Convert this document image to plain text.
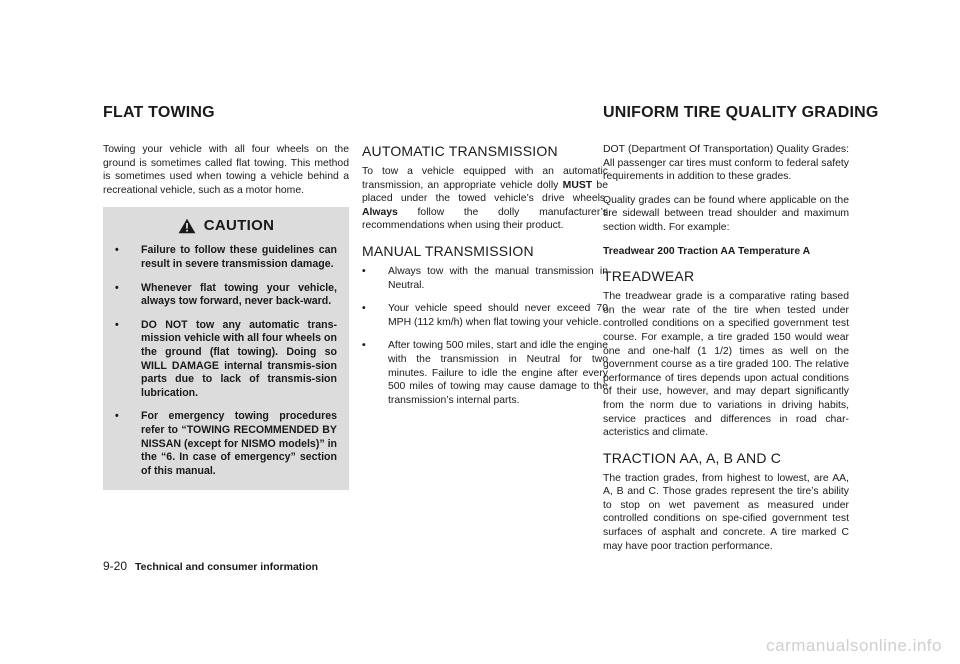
FLAT TOWING	UNIFORM TIRE QUALITY GRADING

Towing your vehicle with all four wheels on the ground is sometimes called flat towing. This method is sometimes used when towing a vehicle behind a recreational vehicle, such as a motor home.

CAUTION
• Failure to follow these guidelines can result in severe transmission damage.
• Whenever flat towing your vehicle, always tow forward, never back-ward.
• DO NOT tow any automatic trans-mission vehicle with all four wheels on the ground (flat towing). Doing so WILL DAMAGE internal transmis-sion parts due to lack of transmis-sion lubrication.
• For emergency towing procedures refer to “TOWING RECOMMENDED BY NISSAN (except for NISMO models)” in the “6. In case of emergency” section of this manual.
AUTOMATIC TRANSMISSION

To tow a vehicle equipped with an automatic transmission, an appropriate vehicle dolly MUST be placed under the towed vehicle’s drive wheels. Always follow the dolly manufacturer’s recommendations when using their product.

MANUAL TRANSMISSION
• Always tow with the manual transmission in Neutral.
• Your vehicle speed should never exceed 70 MPH (112 km/h) when flat towing your vehicle.
• After towing 500 miles, start and idle the engine with the transmission in Neutral for two minutes. Failure to idle the engine after every 500 miles of towing may cause damage to the transmission’s internal parts.

DOT (Department Of Transportation) Quality Grades: All passenger car tires must conform to federal safety requirements in addition to these grades.

Quality grades can be found where applicable on the tire sidewall between tread shoulder and maximum section width. For example:

Treadwear 200 Traction AA Temperature A

TREADWEAR

The treadwear grade is a comparative rating based on the wear rate of the tire when tested under controlled conditions on a specified government test course. For example, a tire graded 150 would wear one and one-half (1 1/2) times as well on the government course as a tire graded 100. The relative performance of tires depends upon actual conditions of their use, however, and may depart significantly from the norm due to variations in driving habits, service practices and differences in road char-acteristics and climate.

TRACTION AA, A, B AND C

The traction grades, from highest to lowest, are AA, A, B and C. Those grades represent the tire’s ability to stop on wet pavement as measured under controlled conditions on spe-cified government test surfaces of asphalt and concrete. A tire marked C may have poor traction performance.

9-20 Technical and consumer information
carmanualsonline.info
